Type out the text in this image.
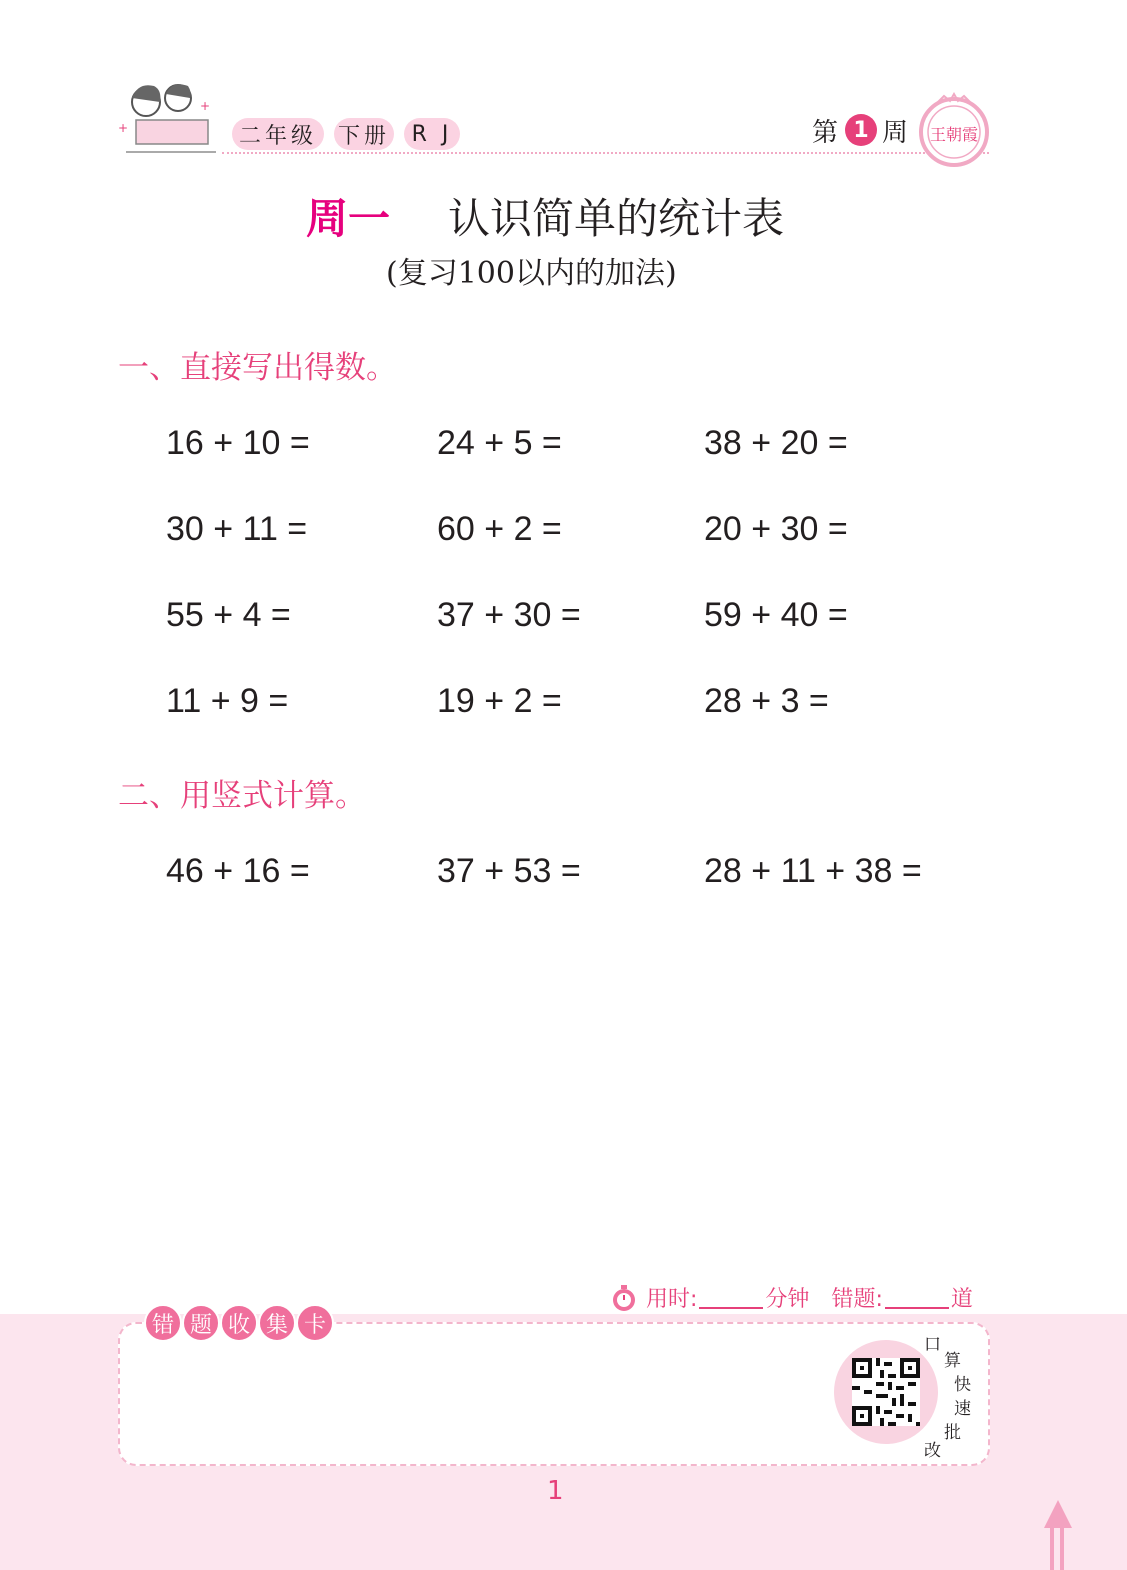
+
+
二年级 下册 R J	第 1 周 王朝霞
周一 认识简单的统计表
(复习100以内的加法)
一、直接写出得数。
16 + 10 =	24 + 5 =	38 + 20 =
30 + 11 =	60 + 2 =	20 + 30 =
55 + 4 =	37 + 30 =	59 + 40 =
11 + 9 =	19 + 2 =	28 + 3 =
二、用竖式计算。
46 + 16 =	37 + 53 =	28 + 11 + 38 =
用时:	分钟 错题:	道
错 题 收 集 卡
口
算
快
速
批
改
1
